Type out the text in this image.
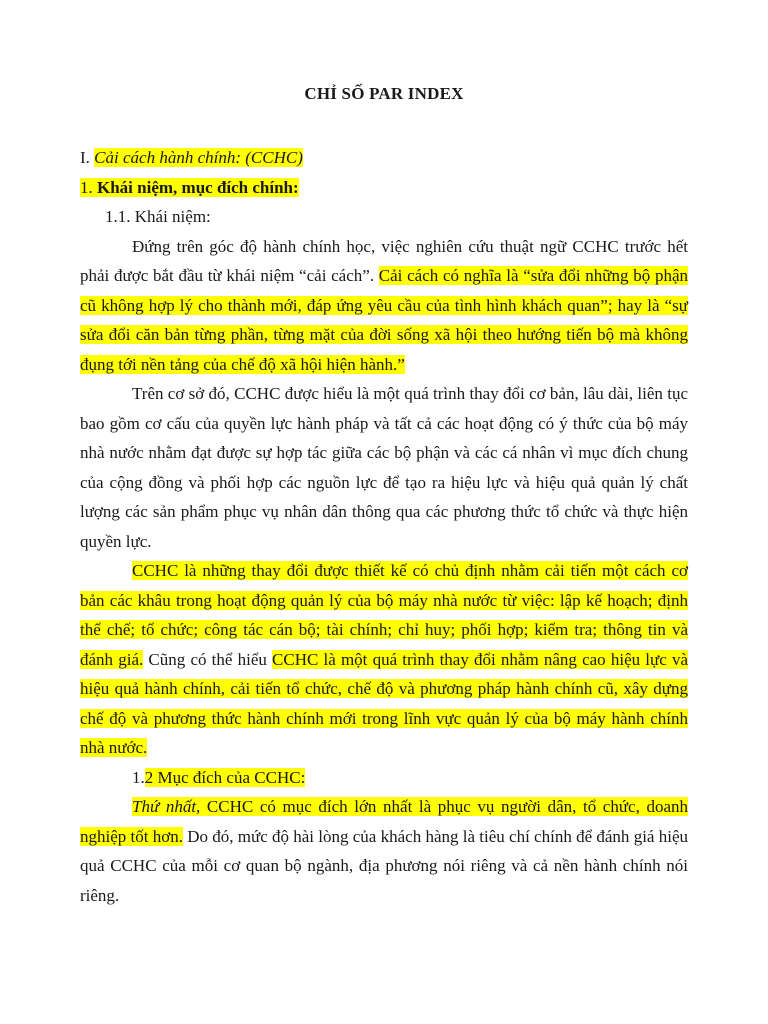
CHỈ SỐ PAR INDEX

I. Cải cách hành chính: (CCHC)

1. Khái niệm, mục đích chính:

1.1. Khái niệm:

Đứng trên góc độ hành chính học, việc nghiên cứu thuật ngữ CCHC trước hết phải được bắt đầu từ khái niệm “cải cách”. Cải cách có nghĩa là “sửa đổi những bộ phận cũ không hợp lý cho thành mới, đáp ứng yêu cầu của tình hình khách quan”; hay là “sự sửa đổi căn bản từng phần, từng mặt của đời sống xã hội theo hướng tiến bộ mà không đụng tới nền tảng của chế độ xã hội hiện hành.”

Trên cơ sở đó, CCHC được hiểu là một quá trình thay đổi cơ bản, lâu dài, liên tục bao gồm cơ cấu của quyền lực hành pháp và tất cả các hoạt động có ý thức của bộ máy nhà nước nhằm đạt được sự hợp tác giữa các bộ phận và các cá nhân vì mục đích chung của cộng đồng và phối hợp các nguồn lực để tạo ra hiệu lực và hiệu quả quản lý chất lượng các sản phẩm phục vụ nhân dân thông qua các phương thức tổ chức và thực hiện quyền lực.

CCHC là những thay đổi được thiết kế có chủ định nhằm cải tiến một cách cơ bản các khâu trong hoạt động quản lý của bộ máy nhà nước từ việc: lập kế hoạch; định thể chế; tổ chức; công tác cán bộ; tài chính; chỉ huy; phối hợp; kiểm tra; thông tin và đánh giá. Cũng có thể hiểu CCHC là một quá trình thay đổi nhằm nâng cao hiệu lực và hiệu quả hành chính, cải tiến tổ chức, chế độ và phương pháp hành chính cũ, xây dựng chế độ và phương thức hành chính mới trong lĩnh vực quản lý của bộ máy hành chính nhà nước.

1.2 Mục đích của CCHC:

Thứ nhất, CCHC có mục đích lớn nhất là phục vụ người dân, tổ chức, doanh nghiệp tốt hơn. Do đó, mức độ hài lòng của khách hàng là tiêu chí chính để đánh giá hiệu quả CCHC của mỗi cơ quan bộ ngành, địa phương nói riêng và cả nền hành chính nói riêng.
